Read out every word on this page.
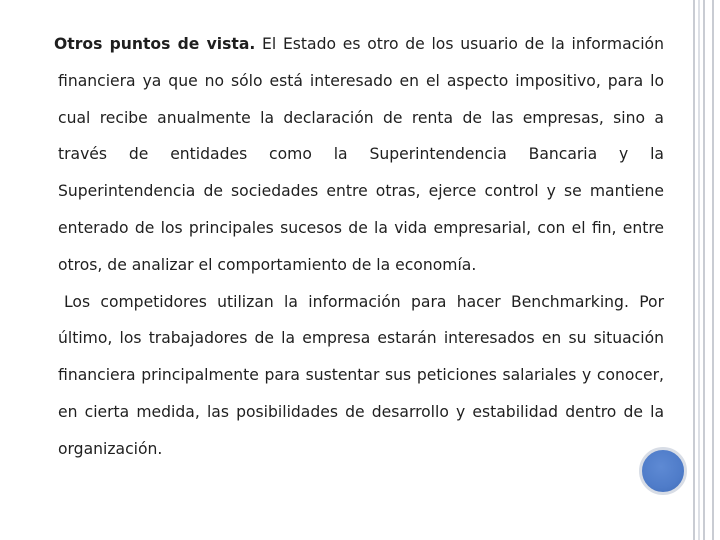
Otros puntos de vista. El Estado es otro de los usuario de la información financiera ya que no sólo está interesado en el aspecto impositivo, para lo cual recibe anualmente la declaración de renta de las empresas, sino a través de entidades como la Superintendencia Bancaria y la Superintendencia de sociedades entre otras, ejerce control y se mantiene enterado de los principales sucesos de la vida empresarial, con el fin, entre otros, de analizar el comportamiento de la economía.

Los competidores utilizan la información para hacer Benchmarking. Por último, los trabajadores de la empresa estarán interesados en su situación financiera principalmente para sustentar sus peticiones salariales y conocer, en cierta medida, las posibilidades de desarrollo y estabilidad dentro de la organización.
